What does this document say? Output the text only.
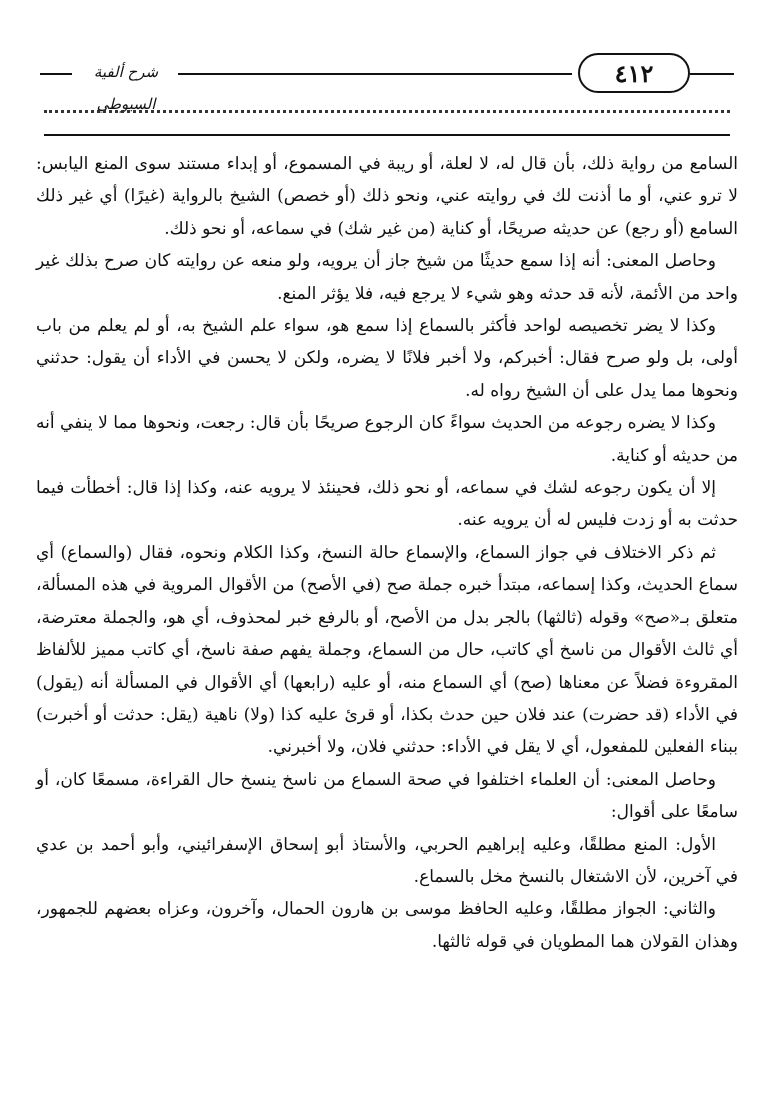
شرح ألفية السيوطي
٤١٢

السامع من رواية ذلك، بأن قال له، لا لعلة، أو ريبة في المسموع، أو إبداء مستند سوى المنع اليابس: لا ترو عني، أو ما أذنت لك في روايته عني، ونحو ذلك (أو خصص) الشيخ بالرواية (غيرًا) أي غير ذلك السامع (أو رجع) عن حديثه صريحًا، أو كناية (من غير شك) في سماعه، أو نحو ذلك.

وحاصل المعنى: أنه إذا سمع حديثًا من شيخ جاز أن يرويه، ولو منعه عن روايته كان صرح بذلك غير واحد من الأئمة، لأنه قد حدثه وهو شيء لا يرجع فيه، فلا يؤثر المنع.

وكذا لا يضر تخصيصه لواحد فأكثر بالسماع إذا سمع هو، سواء علم الشيخ به، أو لم يعلم من باب أولى، بل ولو صرح فقال: أخبركم، ولا أخبر فلانًا لا يضره، ولكن لا يحسن في الأداء أن يقول: حدثني ونحوها مما يدل على أن الشيخ رواه له.

وكذا لا يضره رجوعه من الحديث سواءً كان الرجوع صريحًا بأن قال: رجعت، ونحوها مما لا ينفي أنه من حديثه أو كناية.

إلا أن يكون رجوعه لشك في سماعه، أو نحو ذلك، فحينئذ لا يرويه عنه، وكذا إذا قال: أخطأت فيما حدثت به أو زدت فليس له أن يرويه عنه.

ثم ذكر الاختلاف في جواز السماع، والإسماع حالة النسخ، وكذا الكلام ونحوه، فقال (والسماع) أي سماع الحديث، وكذا إسماعه، مبتدأ خبره جملة صح (في الأصح) من الأقوال المروية في هذه المسألة، متعلق بـ«صح» وقوله (ثالثها) بالجر بدل من الأصح، أو بالرفع خبر لمحذوف، أي هو، والجملة معترضة، أي ثالث الأقوال من ناسخ أي كاتب، حال من السماع، وجملة يفهم صفة ناسخ، أي كاتب مميز للألفاظ المقروءة فضلاً عن معناها (صح) أي السماع منه، أو عليه (رابعها) أي الأقوال في المسألة أنه (يقول) في الأداء (قد حضرت) عند فلان حين حدث بكذا، أو قرئ عليه كذا (ولا) ناهية (يقل: حدثت أو أخبرت) ببناء الفعلين للمفعول، أي لا يقل في الأداء: حدثني فلان، ولا أخبرني.

وحاصل المعنى: أن العلماء اختلفوا في صحة السماع من ناسخ ينسخ حال القراءة، مسمعًا كان، أو سامعًا على أقوال:

الأول: المنع مطلقًا، وعليه إبراهيم الحربي، والأستاذ أبو إسحاق الإسفرائيني، وأبو أحمد بن عدي في آخرين، لأن الاشتغال بالنسخ مخل بالسماع.

والثاني: الجواز مطلقًا، وعليه الحافظ موسى بن هارون الحمال، وآخرون، وعزاه بعضهم للجمهور، وهذان القولان هما المطويان في قوله ثالثها.
